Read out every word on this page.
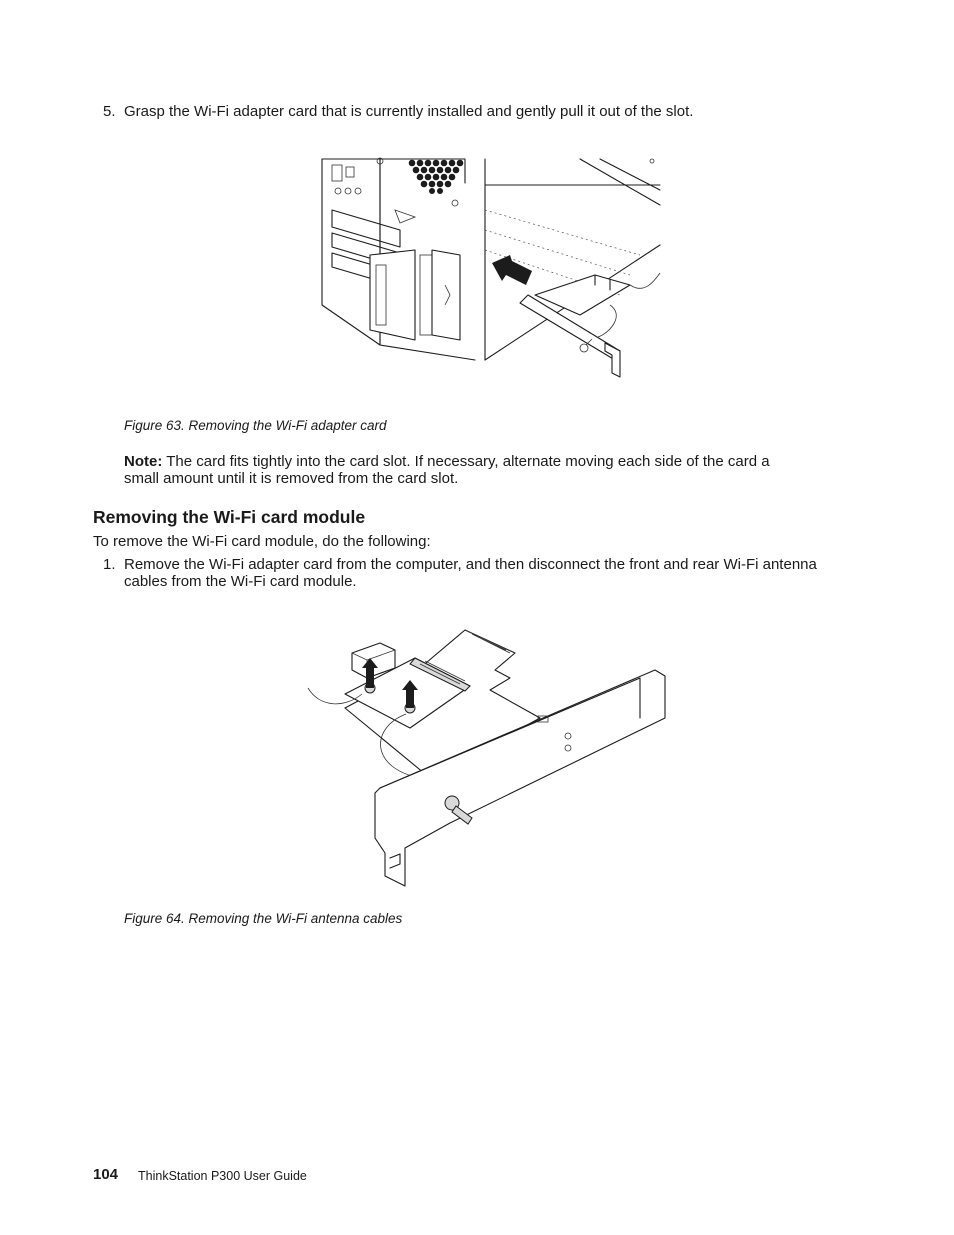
5. Grasp the Wi-Fi adapter card that is currently installed and gently pull it out of the slot.
Figure 63. Removing the Wi-Fi adapter card
Note: The card fits tightly into the card slot. If necessary, alternate moving each side of the card a
small amount until it is removed from the card slot.
Removing the Wi-Fi card module
To remove the Wi-Fi card module, do the following:
1. Remove the Wi-Fi adapter card from the computer, and then disconnect the front and rear Wi-Fi antenna
cables from the Wi-Fi card module.
Figure 64. Removing the Wi-Fi antenna cables
104 ThinkStation P300 User Guide
